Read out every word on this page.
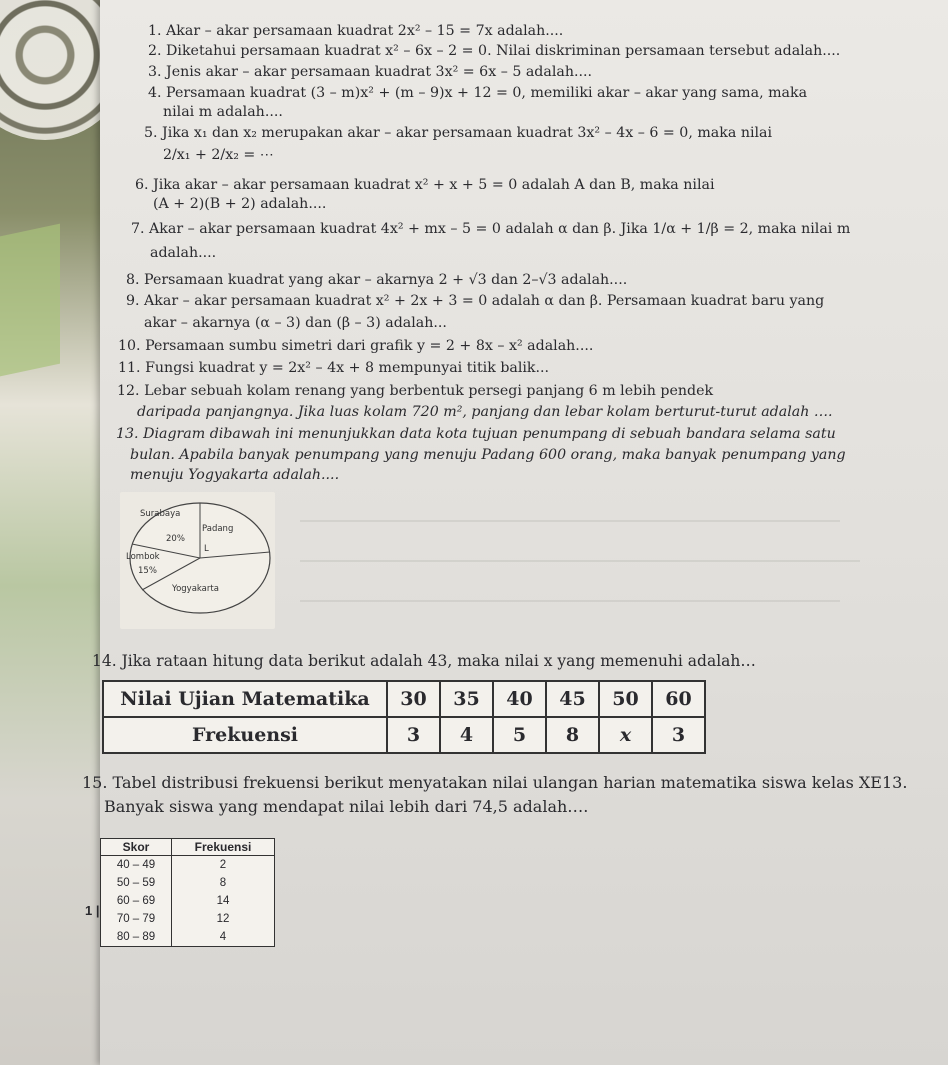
1. Akar – akar persamaan kuadrat 2x² – 15 = 7x adalah....
2. Diketahui persamaan kuadrat x² – 6x – 2 = 0. Nilai diskriminan persamaan tersebut adalah....
3. Jenis akar – akar persamaan kuadrat 3x² = 6x – 5 adalah....
4. Persamaan kuadrat (3 – m)x² + (m – 9)x + 12 = 0, memiliki akar – akar yang sama, maka
nilai m adalah....
5. Jika x₁ dan x₂ merupakan akar – akar persamaan kuadrat 3x² – 4x – 6 = 0, maka nilai
2/x₁ + 2/x₂ = ⋯
6. Jika akar – akar persamaan kuadrat x² + x + 5 = 0 adalah A dan B, maka nilai
(A + 2)(B + 2) adalah....
7. Akar – akar persamaan kuadrat 4x² + mx – 5 = 0 adalah α dan β. Jika 1/α + 1/β = 2, maka nilai m
adalah....
8. Persamaan kuadrat yang akar – akarnya 2 + √3 dan 2–√3 adalah....
9. Akar – akar persamaan kuadrat x² + 2x + 3 = 0 adalah α dan β. Persamaan kuadrat baru yang
akar – akarnya (α – 3) dan (β – 3) adalah...
10. Persamaan sumbu simetri dari grafik y = 2 + 8x – x² adalah....
11. Fungsi kuadrat y = 2x² – 4x + 8 mempunyai titik balik...
12. Lebar sebuah kolam renang yang berbentuk persegi panjang 6 m lebih pendek
daripada panjangnya. Jika luas kolam 720 m², panjang dan lebar kolam berturut-turut adalah ….
13. Diagram dibawah ini menunjukkan data kota tujuan penumpang di sebuah bandara selama satu
bulan. Apabila banyak penumpang yang menuju Padang 600 orang, maka banyak penumpang yang
menuju Yogyakarta adalah....
Surabaya
20%
Padang
L
Lombok
15%
Yogyakarta
14. Jika rataan hitung data berikut adalah 43, maka nilai x yang memenuhi adalah…
Nilai Ujian Matematika	30	35	40	45	50	60
Frekuensi	3	4	5	8	x	3
15. Tabel distribusi frekuensi berikut menyatakan nilai ulangan harian matematika siswa kelas XE13.
Banyak siswa yang mendapat nilai lebih dari 74,5 adalah….
1 |
Skor	Frekuensi
40 – 49	2
50 – 59	8
60 – 69	14
70 – 79	12
80 – 89	4
